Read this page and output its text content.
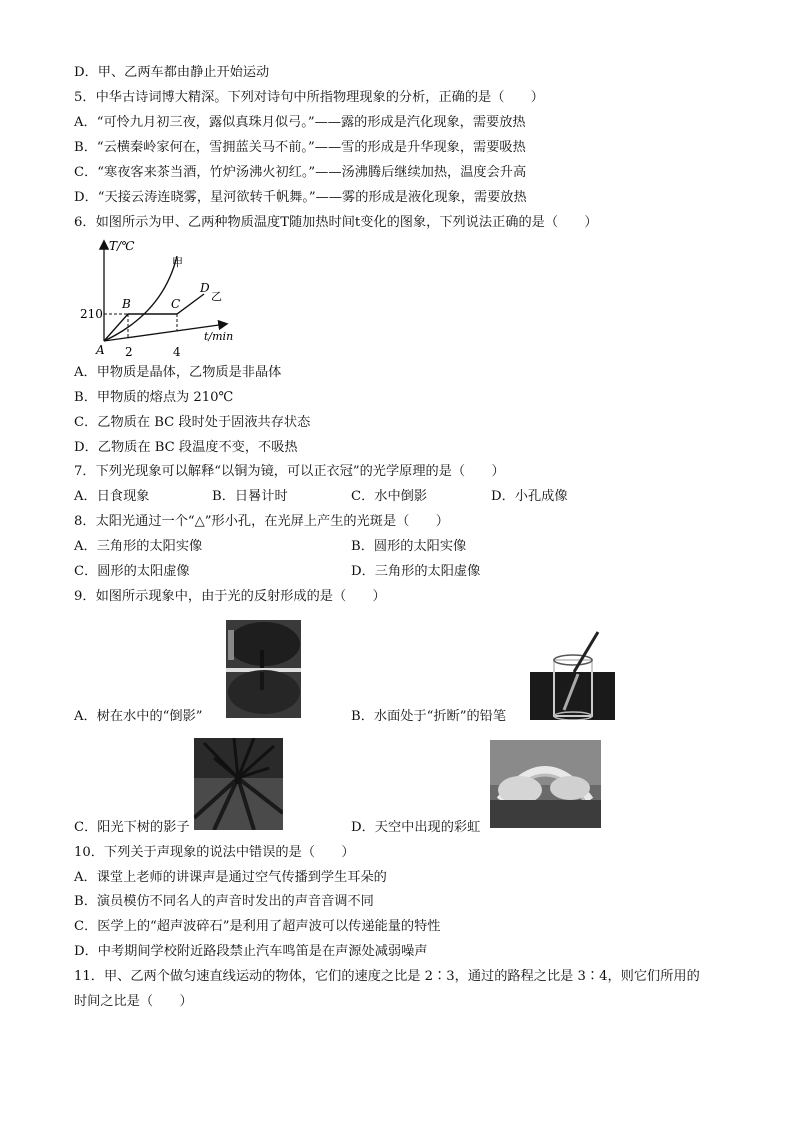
D．甲、乙两车都由静止开始运动
5．中华古诗词博大精深。下列对诗句中所指物理现象的分析，正确的是（　　）
A．“可怜九月初三夜，露似真珠月似弓。”——露的形成是汽化现象，需要放热
B．“云横秦岭家何在，雪拥蓝关马不前。”——雪的形成是升华现象，需要吸热
C．“寒夜客来茶当酒，竹炉汤沸火初红。”——汤沸腾后继续加热，温度会升高
D．“天接云涛连晓雾，星河欲转千帆舞。”——雾的形成是液化现象，需要放热
6．如图所示为甲、乙两种物质温度T随加热时间t变化的图象，下列说法正确的是（　　）
T/℃
t/min
210
2	4
A
B	C
D
甲
乙
A．甲物质是晶体，乙物质是非晶体
B．甲物质的熔点为 210℃
C．乙物质在 BC 段时处于固液共存状态
D．乙物质在 BC 段温度不变，不吸热
7．下列光现象可以解释“以铜为镜，可以正衣冠”的光学原理的是（　　）
A．日食现象	B．日晷计时	C．水中倒影	D．小孔成像
8．太阳光通过一个“△”形小孔，在光屏上产生的光斑是（　　）
A．三角形的太阳实像	B．圆形的太阳实像
C．圆形的太阳虚像	D．三角形的太阳虚像
9．如图所示现象中，由于光的反射形成的是（　　）
A．树在水中的“倒影”	B．水面处于“折断”的铅笔
C．阳光下树的影子	D．天空中出现的彩虹
10．下列关于声现象的说法中错误的是（　　）
A．课堂上老师的讲课声是通过空气传播到学生耳朵的
B．演员模仿不同名人的声音时发出的声音音调不同
C．医学上的“超声波碎石”是利用了超声波可以传递能量的特性
D．中考期间学校附近路段禁止汽车鸣笛是在声源处减弱噪声
11．甲、乙两个做匀速直线运动的物体，它们的速度之比是 2∶3，通过的路程之比是 3∶4，则它们所用的
时间之比是（　　）
